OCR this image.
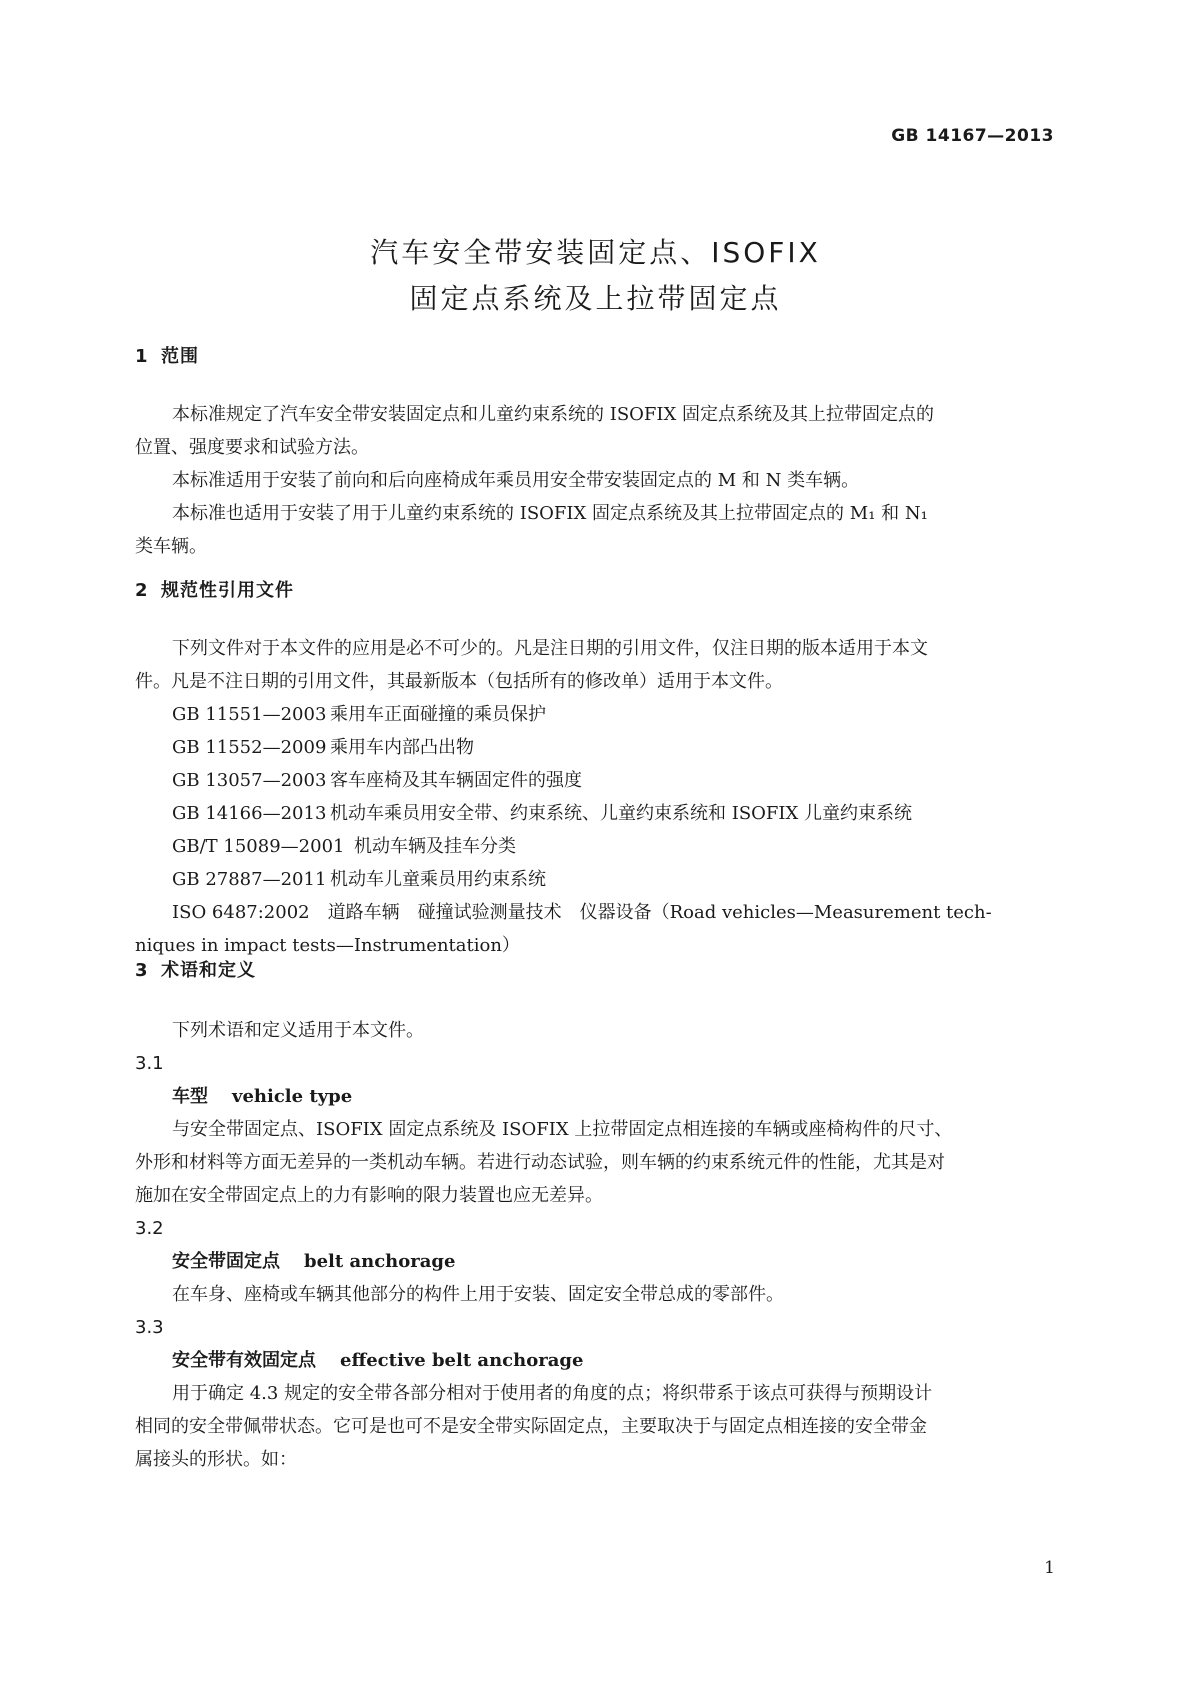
GB 14167—2013
汽车安全带安装固定点、ISOFIX
固定点系统及上拉带固定点
1 范围
本标准规定了汽车安全带安装固定点和儿童约束系统的 ISOFIX 固定点系统及其上拉带固定点的
位置、强度要求和试验方法。
本标准适用于安装了前向和后向座椅成年乘员用安全带安装固定点的 M 和 N 类车辆。
本标准也适用于安装了用于儿童约束系统的 ISOFIX 固定点系统及其上拉带固定点的 M₁ 和 N₁
类车辆。
2 规范性引用文件
下列文件对于本文件的应用是必不可少的。凡是注日期的引用文件，仅注日期的版本适用于本文
件。凡是不注日期的引用文件，其最新版本（包括所有的修改单）适用于本文件。
GB 11551—2003 乘用车正面碰撞的乘员保护
GB 11552—2009 乘用车内部凸出物
GB 13057—2003 客车座椅及其车辆固定件的强度
GB 14166—2013 机动车乘员用安全带、约束系统、儿童约束系统和 ISOFIX 儿童约束系统
GB/T 15089—2001 机动车辆及挂车分类
GB 27887—2011 机动车儿童乘员用约束系统
ISO 6487:2002　道路车辆　碰撞试验测量技术　仪器设备（Road vehicles—Measurement tech-
niques in impact tests—Instrumentation）
3 术语和定义
下列术语和定义适用于本文件。
3.1
车型 vehicle type
与安全带固定点、ISOFIX 固定点系统及 ISOFIX 上拉带固定点相连接的车辆或座椅构件的尺寸、
外形和材料等方面无差异的一类机动车辆。若进行动态试验，则车辆的约束系统元件的性能，尤其是对
施加在安全带固定点上的力有影响的限力装置也应无差异。
3.2
安全带固定点 belt anchorage
在车身、座椅或车辆其他部分的构件上用于安装、固定安全带总成的零部件。
3.3
安全带有效固定点 effective belt anchorage
用于确定 4.3 规定的安全带各部分相对于使用者的角度的点；将织带系于该点可获得与预期设计
相同的安全带佩带状态。它可是也可不是安全带实际固定点，主要取决于与固定点相连接的安全带金
属接头的形状。如：
1
